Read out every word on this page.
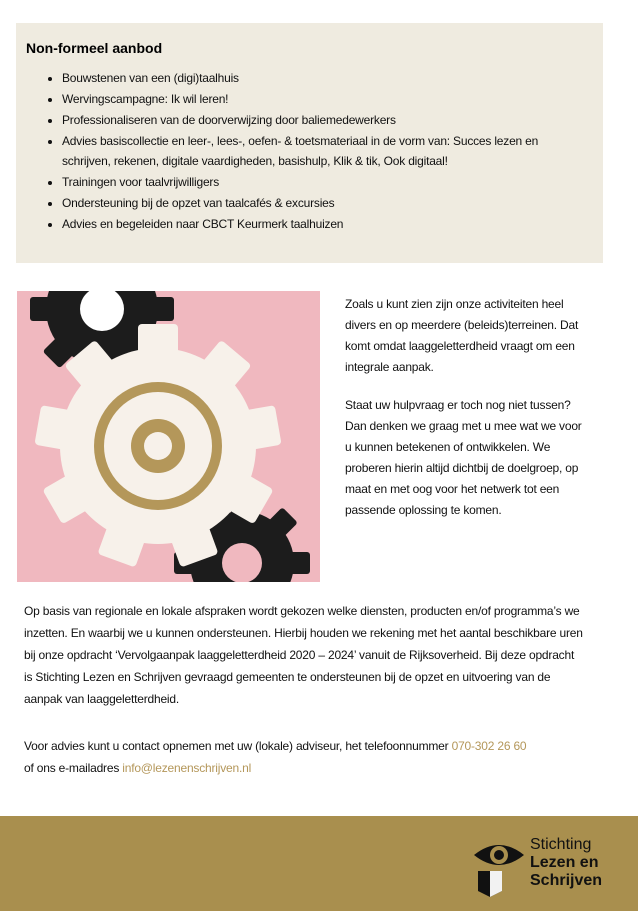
Non-formeel aanbod
• Bouwstenen van een (digi)taalhuis
• Wervingscampagne: Ik wil leren!
• Professionaliseren van de doorverwijzing door baliemedewerkers
• Advies basiscollectie en leer-, lees-, oefen- & toetsmateriaal in de vorm van: Succes lezen en schrijven, rekenen, digitale vaardigheden, basishulp, Klik & tik, Ook digitaal!
• Trainingen voor taalvrijwilligers
• Ondersteuning bij de opzet van taalcafés & excursies
• Advies en begeleiden naar CBCT Keurmerk taalhuizen

Zoals u kunt zien zijn onze activiteiten heel divers en op meerdere (beleids)terreinen. Dat komt omdat laaggeletterdheid vraagt om een integrale aanpak.

Staat uw hulpvraag er toch nog niet tussen? Dan denken we graag met u mee wat we voor u kunnen betekenen of ontwikkelen. We proberen hierin altijd dichtbij de doelgroep, op maat en met oog voor het netwerk tot een passende oplossing te komen.

Op basis van regionale en lokale afspraken wordt gekozen welke diensten, producten en/of programma’s we inzetten. En waarbij we u kunnen ondersteunen. Hierbij houden we rekening met het aantal beschikbare uren bij onze opdracht ‘Vervolgaanpak laaggeletterdheid 2020 – 2024’ vanuit de Rijksoverheid. Bij deze opdracht is Stichting Lezen en Schrijven gevraagd gemeenten te ondersteunen bij de opzet en uitvoering van de aanpak van laaggeletterdheid.
Voor advies kunt u contact opnemen met uw (lokale) adviseur, het telefoonnummer 070-302 26 60
of ons e-mailadres info@lezenenschrijven.nl
Stichting
Lezen en
Schrijven
